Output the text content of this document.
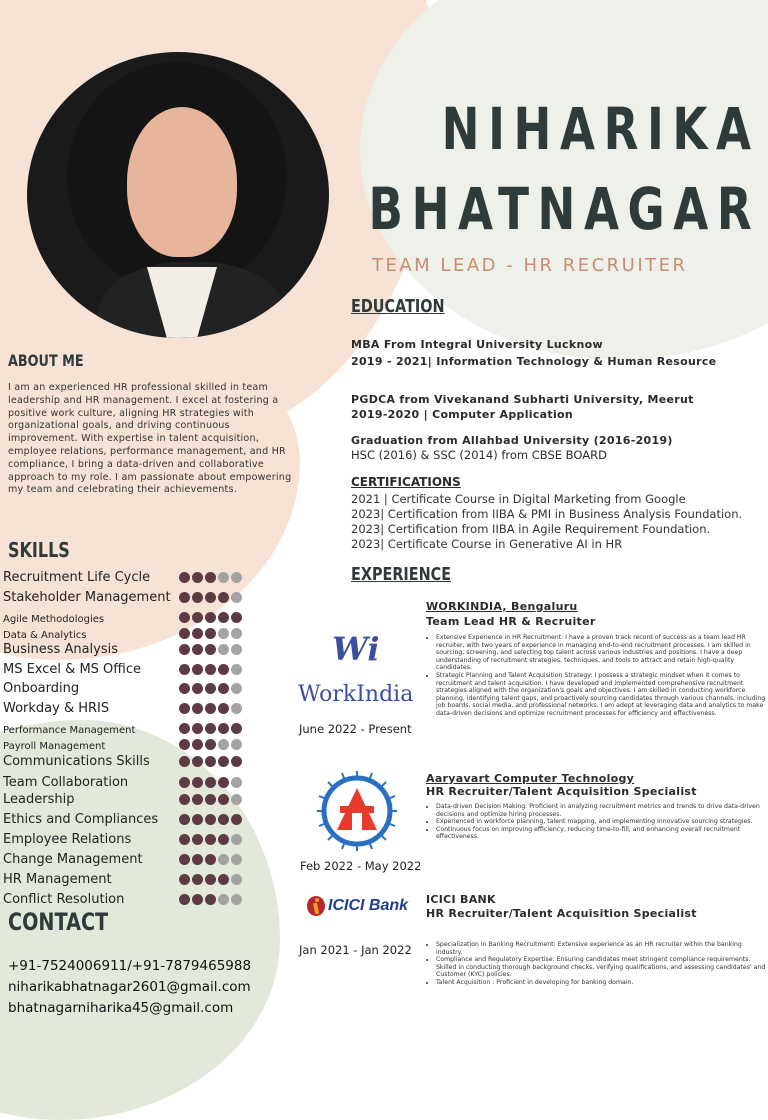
NIHARIKA
BHATNAGAR
TEAM LEAD - HR RECRUITER
ABOUT ME
I am an experienced HR professional skilled in team leadership and HR management. I excel at fostering a positive work culture, aligning HR strategies with organizational goals, and driving continuous improvement. With expertise in talent acquisition, employee relations, performance management, and HR compliance, I bring a data-driven and collaborative approach to my role. I am passionate about empowering my team and celebrating their achievements.
SKILLS
Recruitment Life Cycle
Stakeholder Management
Agile Methodologies
Data & Analytics
Business Analysis
MS Excel & MS Office
Onboarding
Workday & HRIS
Performance Management
Payroll Management
Communications Skills
Team Collaboration
Leadership
Ethics and Compliances
Employee Relations
Change Management
HR Management
Conflict Resolution
CONTACT
+91-7524006911/+91-7879465988
niharikabhatnagar2601@gmail.com
bhatnagarniharika45@gmail.com
EDUCATION
MBA From Integral University Lucknow
2019 - 2021| Information Technology & Human Resource
PGDCA from Vivekanand Subharti University, Meerut
2019-2020 | Computer Application
Graduation from Allahbad University (2016-2019)
HSC (2016) & SSC (2014) from CBSE BOARD
CERTIFICATIONS
2021 | Certificate Course in Digital Marketing from Google
2023| Certification from IIBA & PMI in Business Analysis Foundation.
2023| Certification from IIBA in Agile Requirement Foundation.
2023| Certificate Course in Generative AI in HR
EXPERIENCE
Wi
WorkIndia
June 2022 - Present
WORKINDIA, Bengaluru
Team Lead HR & Recruiter
• Extensive Experience in HR Recruitment: I have a proven track record of success as a team lead HR recruiter, with two years of experience in managing end-to-end recruitment processes. I am skilled in sourcing, screening, and selecting top talent across various industries and positions. I have a deep understanding of recruitment strategies, techniques, and tools to attract and retain high-quality candidates.
• Strategic Planning and Talent Acquisition Strategy: I possess a strategic mindset when it comes to recruitment and talent acquisition. I have developed and implemented comprehensive recruitment strategies aligned with the organization's goals and objectives. I am skilled in conducting workforce planning, identifying talent gaps, and proactively sourcing candidates through various channels, including job boards, social media, and professional networks. I am adept at leveraging data and analytics to make data-driven decisions and optimize recruitment processes for efficiency and effectiveness.
Feb 2022 - May 2022
Aaryavart Computer Technology
HR Recruiter/Talent Acquisition Specialist
• Data-driven Decision Making: Proficient in analyzing recruitment metrics and trends to drive data-driven decisions and optimize hiring processes.
• Experienced in workforce planning, talent mapping, and implementing innovative sourcing strategies.
• Continuous focus on improving efficiency, reducing time-to-fill, and enhancing overall recruitment effectiveness.
ICICI Bank
Jan 2021 - Jan 2022
ICICI BANK
HR Recruiter/Talent Acquisition Specialist
• Specialization in Banking Recruitment: Extensive experience as an HR recruiter within the banking industry.
• Compliance and Regulatory Expertise: Ensuring candidates meet stringent compliance requirements. Skilled in conducting thorough background checks, verifying qualifications, and assessing candidates' and Customer (KYC) policies.
• Talent Acquisition : Proficient in developing for banking domain.
